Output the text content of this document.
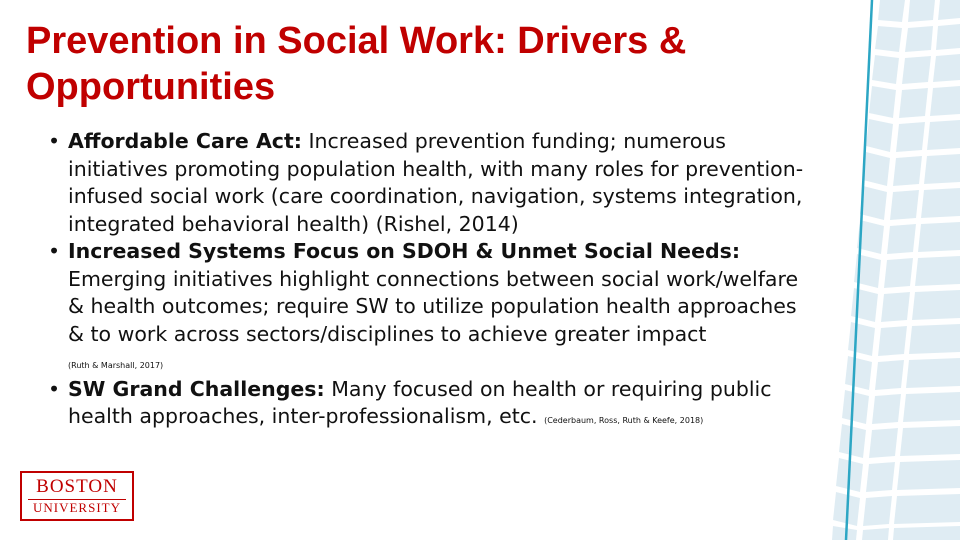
Prevention in Social Work: Drivers & Opportunities
• Affordable Care Act: Increased prevention funding; numerous initiatives promoting population health, with many roles for prevention-infused social work (care coordination, navigation, systems integration, integrated behavioral health) (Rishel, 2014)
• Increased Systems Focus on SDOH & Unmet Social Needs: Emerging initiatives highlight connections between social work/welfare & health outcomes; require SW to utilize population health approaches & to work across sectors/disciplines to achieve greater impact (Ruth & Marshall, 2017)
• SW Grand Challenges: Many focused on health or requiring public health approaches, inter-professionalism, etc. (Cederbaum, Ross, Ruth & Keefe, 2018)
BOSTON
UNIVERSITY
